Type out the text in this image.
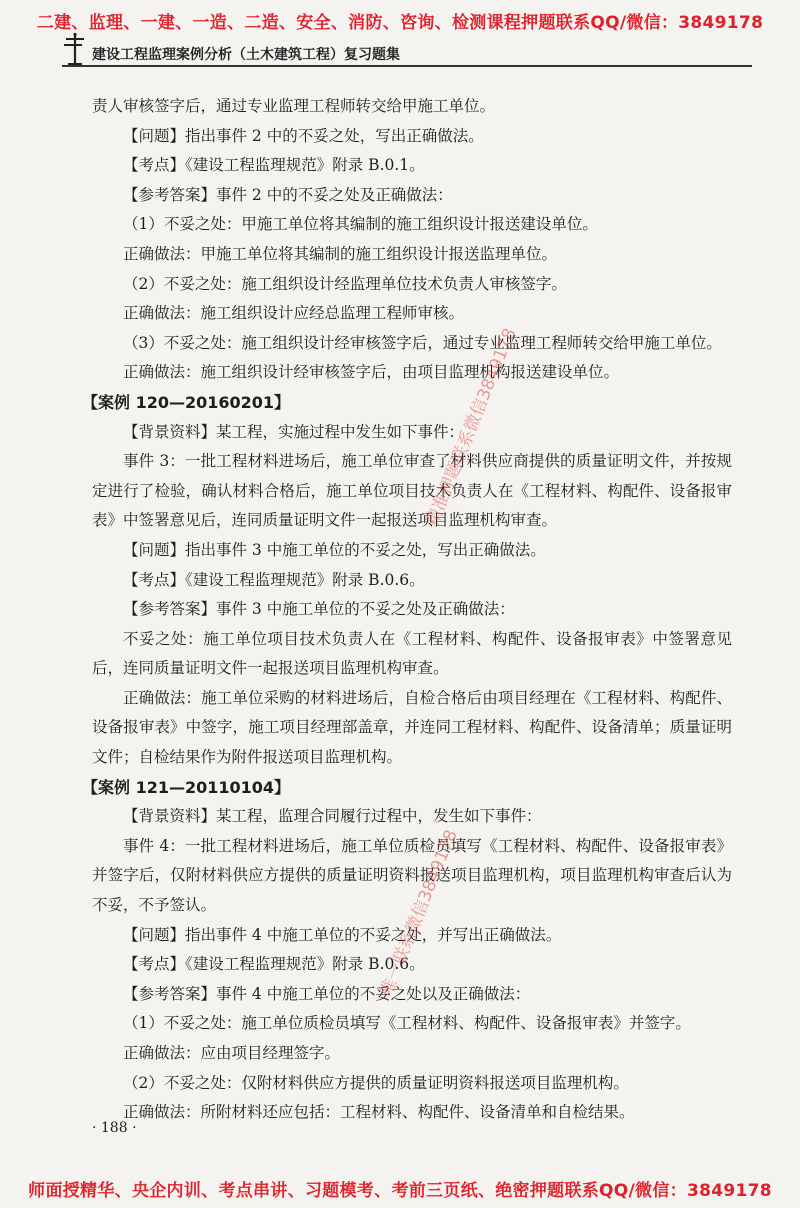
二建、监理、一建、一造、二造、安全、消防、咨询、检测课程押题联系QQ/微信：3849178
建设工程监理案例分析（土木建筑工程）复习题集

责人审核签字后，通过专业监理工程师转交给甲施工单位。

【问题】指出事件 2 中的不妥之处，写出正确做法。

【考点】《建设工程监理规范》附录 B.0.1。

【参考答案】事件 2 中的不妥之处及正确做法：

（1）不妥之处：甲施工单位将其编制的施工组织设计报送建设单位。

正确做法：甲施工单位将其编制的施工组织设计报送监理单位。

（2）不妥之处：施工组织设计经监理单位技术负责人审核签字。

正确做法：施工组织设计应经总监理工程师审核。

（3）不妥之处：施工组织设计经审核签字后，通过专业监理工程师转交给甲施工单位。

正确做法：施工组织设计经审核签字后，由项目监理机构报送建设单位。

【案例 120—20160201】

【背景资料】某工程，实施过程中发生如下事件：

事件 3：一批工程材料进场后，施工单位审查了材料供应商提供的质量证明文件，并按规定进行了检验，确认材料合格后，施工单位项目技术负责人在《工程材料、构配件、设备报审表》中签署意见后，连同质量证明文件一起报送项目监理机构审查。

【问题】指出事件 3 中施工单位的不妥之处，写出正确做法。

【考点】《建设工程监理规范》附录 B.0.6。

【参考答案】事件 3 中施工单位的不妥之处及正确做法：

不妥之处：施工单位项目技术负责人在《工程材料、构配件、设备报审表》中签署意见后，连同质量证明文件一起报送项目监理机构审查。

正确做法：施工单位采购的材料进场后，自检合格后由项目经理在《工程材料、构配件、设备报审表》中签字，施工项目经理部盖章，并连同工程材料、构配件、设备清单；质量证明文件；自检结果作为附件报送项目监理机构。

【案例 121—20110104】

【背景资料】某工程，监理合同履行过程中，发生如下事件：

事件 4：一批工程材料进场后，施工单位质检员填写《工程材料、构配件、设备报审表》并签字后，仅附材料供应方提供的质量证明资料报送项目监理机构，项目监理机构审查后认为不妥，不予签认。

【问题】指出事件 4 中施工单位的不妥之处，并写出正确做法。

【考点】《建设工程监理规范》附录 B.0.6。

【参考答案】事件 4 中施工单位的不妥之处以及正确做法：

（1）不妥之处：施工单位质检员填写《工程材料、构配件、设备报审表》并签字。

正确做法：应由项目经理签字。

（2）不妥之处：仅附材料供应方提供的质量证明资料报送项目监理机构。

正确做法：所附材料还应包括：工程材料、构配件、设备清单和自检结果。

· 188 ·
师面授精华、央企内训、考点串讲、习题模考、考前三页纸、绝密押题联系QQ/微信：3849178
精准押题联系微信3849178
唯一联系微信3849178
